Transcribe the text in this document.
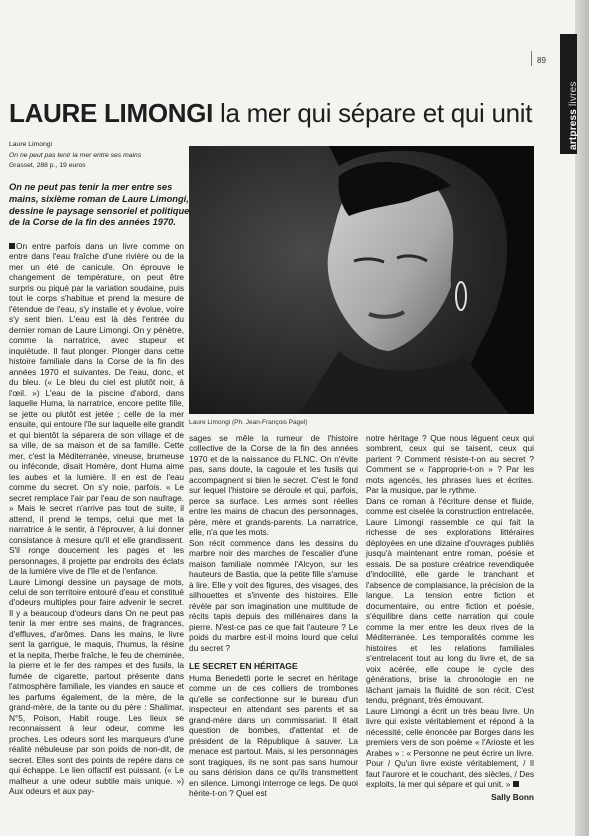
artpress livres
89
LAURE LIMONGI la mer qui sépare et qui unit
Laure Limongi
On ne peut pas tenir la mer entre ses mains
Grasset, 288 p., 19 euros
On ne peut pas tenir la mer entre ses mains, sixième roman de Laure Limongi, dessine le paysage sensoriel et politique de la Corse de la fin des années 1970.
Laure Limongi (Ph. Jean-François Pagel)

On entre parfois dans un livre comme on entre dans l'eau fraîche d'une rivière ou de la mer un été de canicule. On éprouve le changement de température, on peut être surpris ou piqué par la variation soudaine, puis tout le corps s'habitue et prend la mesure de l'étendue de l'eau, s'y installe et y évolue, voire s'y sent bien. L'eau est là dès l'entrée du dernier roman de Laure Limongi. On y pénètre, comme la narratrice, avec stupeur et inquiétude. Il faut plonger. Plonger dans cette histoire familiale dans la Corse de la fin des années 1970 et suivantes. De l'eau, donc, et du bleu. (« Le bleu du ciel est plutôt noir, à l'œil. ») L'eau de la piscine d'abord, dans laquelle Huma, la narratrice, encore petite fille, se jette ou plutôt est jetée ; celle de la mer ensuite, qui entoure l'île sur laquelle elle grandit et qui bientôt la séparera de son village et de sa ville, de sa maison et de sa famille. Cette mer, c'est la Méditerranée, vineuse, brumeuse ou inféconde, disait Homère, dont Huma aime les aubes et la lumière. Il en est de l'eau comme du secret. On s'y noie, parfois. « Le secret remplace l'air par l'eau de son naufrage. » Mais le secret n'arrive pas tout de suite, il attend, il prend le temps, celui que met la narratrice à le sentir, à l'éprouver, à lui donner consistance à mesure qu'il et elle grandissent. S'il ronge doucement les pages et les personnages, il projette par endroits des éclats de la lumière vive de l'île et de l'enfance.

Laure Limongi dessine un paysage de mots, celui de son territoire entouré d'eau et constitué d'odeurs multiples pour faire advenir le secret. Il y a beaucoup d'odeurs dans On ne peut pas tenir la mer entre ses mains, de fragrances, d'effluves, d'arômes. Dans les mains, le livre sent la garrigue, le maquis, l'humus, la résine et la nepita, l'herbe fraîche, le feu de cheminée, la pierre et le fer des rampes et des fusils, la fumée de cigarette, partout présente dans l'atmosphère familiale, les viandes en sauce et les parfums également, de la mère, de la grand-mère, de la tante ou du père : Shalimar, N°5, Poison, Habit rouge. Les lieux se reconnaissent à leur odeur, comme les proches. Les odeurs sont les marqueurs d'une réalité nébuleuse par son poids de non-dit, de secret. Elles sont des points de repère dans ce qui échappe. Le lien olfactif est puissant. (« Le malheur a une odeur subtile mais unique. ») Aux odeurs et aux pay-

sages se mêle la rumeur de l'histoire collective de la Corse de la fin des années 1970 et de la naissance du FLNC. On n'évite pas, sans doute, la cagoule et les fusils qui accompagnent si bien le secret. C'est le fond sur lequel l'histoire se déroule et qui, parfois, perce sa surface. Les armes sont réelles entre les mains de chacun des personnages, père, mère et grands-parents. La narratrice, elle, n'a que les mots.

Son récit commence dans les dessins du marbre noir des marches de l'escalier d'une maison familiale nommée l'Alcyon, sur les hauteurs de Bastia, que la petite fille s'amuse à lire. Elle y voit des figures, des visages, des silhouettes et s'invente des histoires. Elle révèle par son imagination une multitude de récits tapis depuis des millénaires dans la pierre. N'est-ce pas ce que fait l'auteure ? Le poids du marbre est-il moins lourd que celui du secret ?

LE SECRET EN HÉRITAGE

Huma Benedetti porte le secret en héritage comme un de ces colliers de trombones qu'elle se confectionne sur le bureau d'un inspecteur en attendant ses parents et sa grand-mère dans un commissariat. Il était question de bombes, d'attentat et de président de la République à sauver. La menace est partout. Mais, si les personnages sont tragiques, ils ne sont pas sans humour ou sans dérision dans ce qu'ils transmettent en silence. Limongi interroge ce legs. De quoi hérite-t-on ? Quel est

notre héritage ? Que nous léguent ceux qui sombrent, ceux qui se taisent, ceux qui partent ? Comment résiste-t-on au secret ? Comment se « l'approprie-t-on » ? Par les mots agencés, les phrases lues et écrites. Par la musique, par le rythme.

Dans ce roman à l'écriture dense et fluide, comme est ciselée la construction entrelacée, Laure Limongi rassemble ce qui fait la richesse de ses explorations littéraires déployées en une dizaine d'ouvrages publiés jusqu'à maintenant entre roman, poésie et essais. De sa posture créatrice revendiquée d'indocilité, elle garde le tranchant et l'absence de complaisance, la précision de la langue. La tension entre fiction et documentaire, ou entre fiction et poésie, s'équilibre dans cette narration qui coule comme la mer entre les deux rives de la Méditerranée. Les temporalités comme les histoires et les relations familiales s'entrelacent tout au long du livre et, de sa voix acérée, elle coupe le cycle des générations, brise la chronologie en ne lâchant jamais la fluidité de son récit. C'est tendu, prégnant, très émouvant.

Laure Limongi a écrit un très beau livre. Un livre qui existe véritablement et répond à la nécessité, celle énoncée par Borges dans les premiers vers de son poème « l'Arioste et les Arabes » : « Personne ne peut écrire un livre. Pour / Qu'un livre existe véritablement, / Il faut l'aurore et le couchant, des siècles, / Des exploits, la mer qui sépare et qui unit. »

Sally Bonn
